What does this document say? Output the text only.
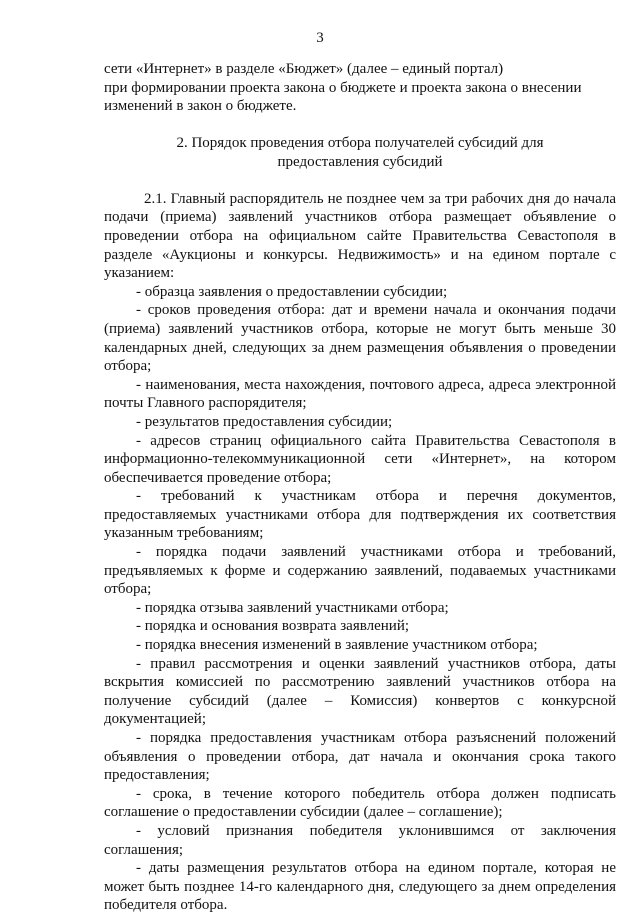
3
сети «Интернет» в разделе «Бюджет» (далее – единый портал)
при формировании проекта закона о бюджете и проекта закона о внесении
изменений в закон о бюджете.
2. Порядок проведения отбора получателей субсидий для
предоставления субсидий

2.1. Главный распорядитель не позднее чем за три рабочих дня до начала подачи (приема) заявлений участников отбора размещает объявление о проведении отбора на официальном сайте Правительства Севастополя в разделе «Аукционы и конкурсы. Недвижимость» и на едином портале с указанием:

- образца заявления о предоставлении субсидии;

- сроков проведения отбора: дат и времени начала и окончания подачи (приема) заявлений участников отбора, которые не могут быть меньше 30 календарных дней, следующих за днем размещения объявления о проведении отбора;

- наименования, места нахождения, почтового адреса, адреса электронной почты Главного распорядителя;

- результатов предоставления субсидии;

- адресов страниц официального сайта Правительства Севастополя в информационно-телекоммуникационной сети «Интернет», на котором обеспечивается проведение отбора;

- требований к участникам отбора и перечня документов, предоставляемых участниками отбора для подтверждения их соответствия указанным требованиям;

- порядка подачи заявлений участниками отбора и требований, предъявляемых к форме и содержанию заявлений, подаваемых участниками отбора;

- порядка отзыва заявлений участниками отбора;

- порядка и основания возврата заявлений;

- порядка внесения изменений в заявление участником отбора;

- правил рассмотрения и оценки заявлений участников отбора, даты вскрытия комиссией по рассмотрению заявлений участников отбора на получение субсидий (далее – Комиссия) конвертов с конкурсной документацией;

- порядка предоставления участникам отбора разъяснений положений объявления о проведении отбора, дат начала и окончания срока такого предоставления;

- срока, в течение которого победитель отбора должен подписать соглашение о предоставлении субсидии (далее – соглашение);

- условий признания победителя уклонившимся от заключения соглашения;

- даты размещения результатов отбора на едином портале, которая не может быть позднее 14-го календарного дня, следующего за днем определения победителя отбора.
